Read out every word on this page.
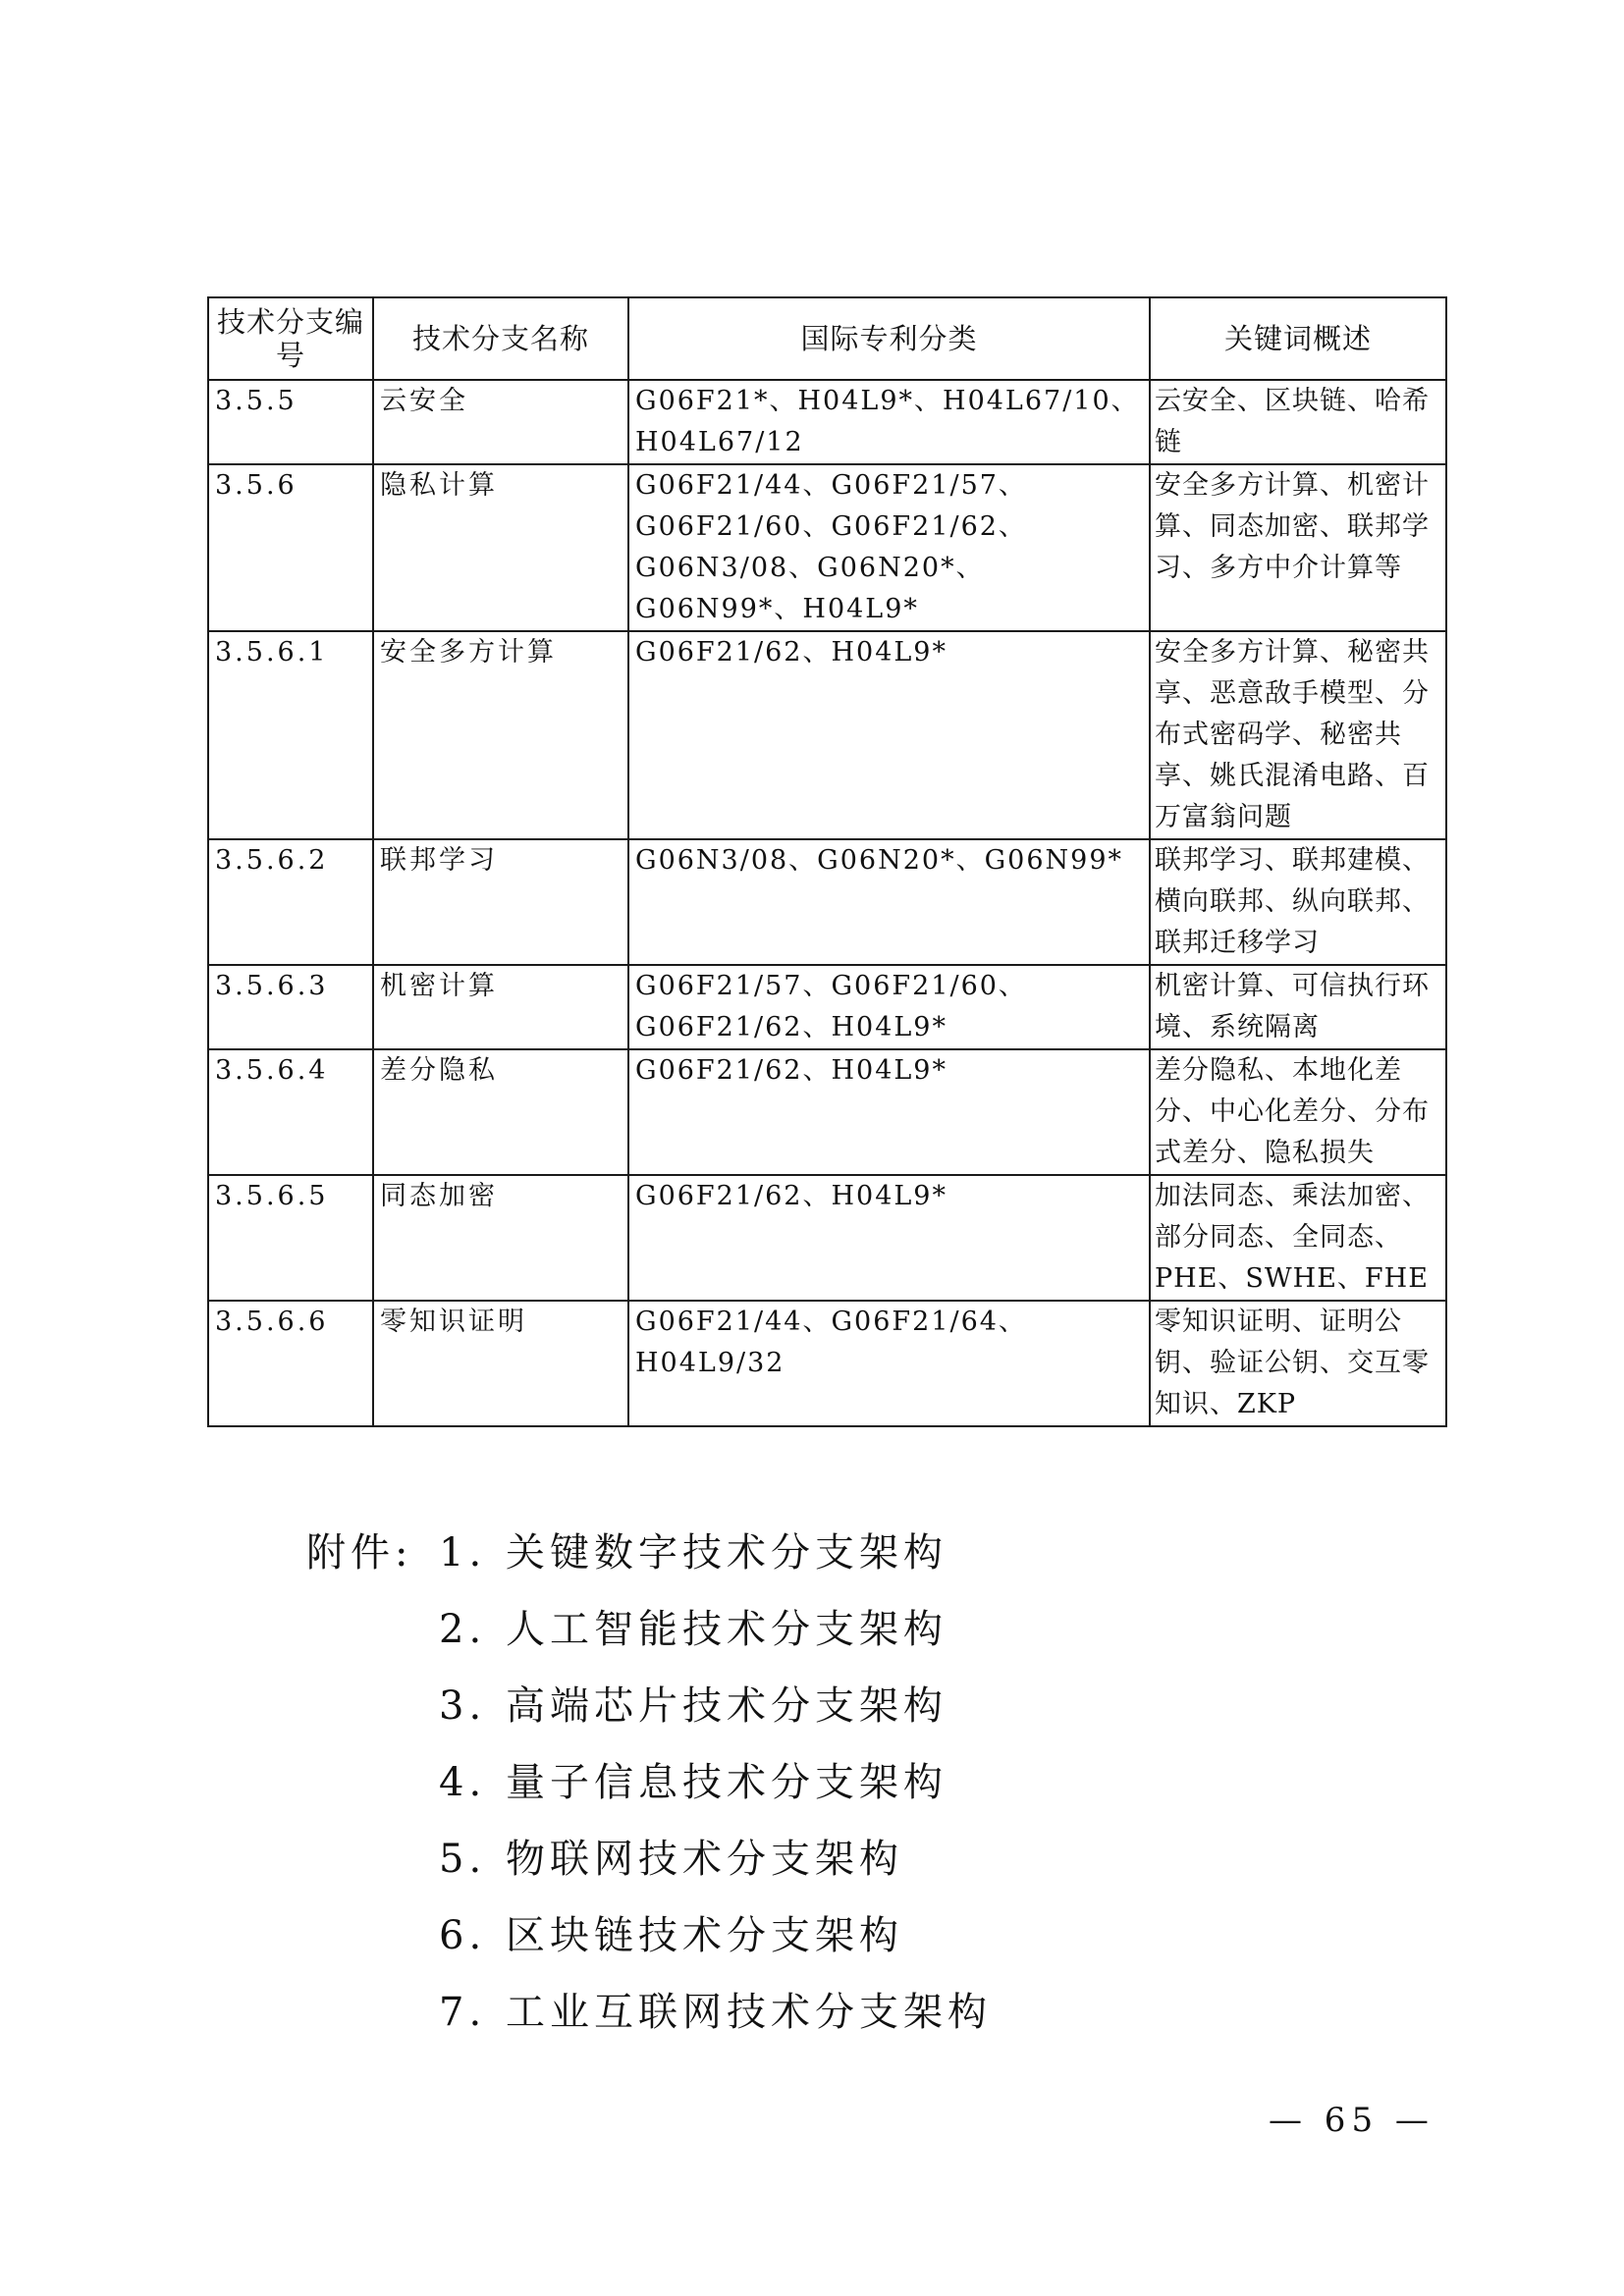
技术分支编号	技术分支名称	国际专利分类	关键词概述
3.5.5	云安全	G06F21*、H04L9*、H04L67/10、H04L67/12	云安全、区块链、哈希链
3.5.6	隐私计算	G06F21/44、G06F21/57、G06F21/60、G06F21/62、G06N3/08、G06N20*、G06N99*、H04L9*	安全多方计算、机密计算、同态加密、联邦学习、多方中介计算等
3.5.6.1	安全多方计算	G06F21/62、H04L9*	安全多方计算、秘密共享、恶意敌手模型、分布式密码学、秘密共享、姚氏混淆电路、百万富翁问题
3.5.6.2	联邦学习	G06N3/08、G06N20*、G06N99*	联邦学习、联邦建模、横向联邦、纵向联邦、联邦迁移学习
3.5.6.3	机密计算	G06F21/57、G06F21/60、G06F21/62、H04L9*	机密计算、可信执行环境、系统隔离
3.5.6.4	差分隐私	G06F21/62、H04L9*	差分隐私、本地化差分、中心化差分、分布式差分、隐私损失
3.5.6.5	同态加密	G06F21/62、H04L9*	加法同态、乘法加密、部分同态、全同态、PHE、SWHE、FHE
3.5.6.6	零知识证明	G06F21/44、G06F21/64、H04L9/32	零知识证明、证明公钥、验证公钥、交互零知识、ZKP
附件: 1. 关键数字技术分支架构
2. 人工智能技术分支架构
3. 高端芯片技术分支架构
4. 量子信息技术分支架构
5. 物联网技术分支架构
6. 区块链技术分支架构
7. 工业互联网技术分支架构
— 65 —
